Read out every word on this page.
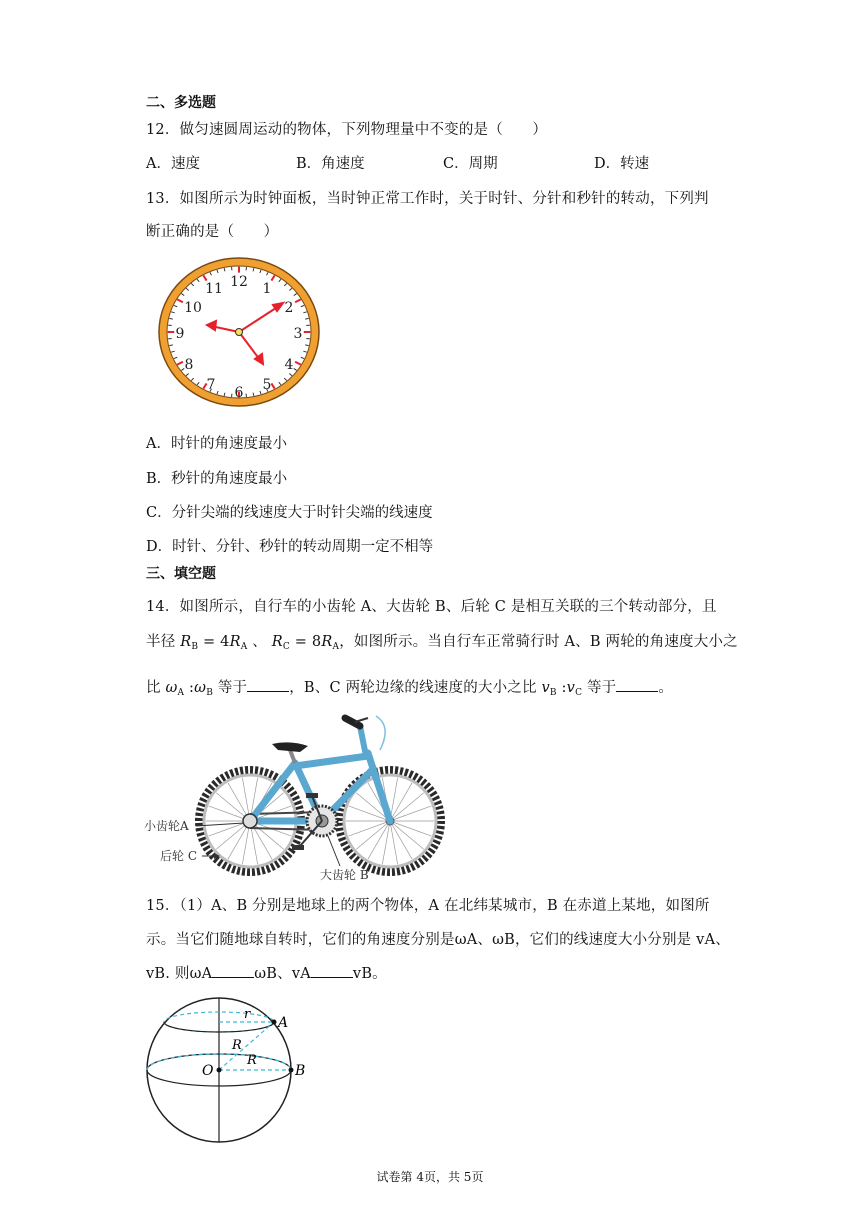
二、多选题
12．做匀速圆周运动的物体，下列物理量中不变的是（　　）
A．速度	B．角速度	C．周期	D．转速
13．如图所示为时钟面板，当时钟正常工作时，关于时针、分针和秒针的转动，下列判
断正确的是（　　）
12 1
2
3
4
5
6
7
8
9
10
11
A．时针的角速度最小
B．秒针的角速度最小
C．分针尖端的线速度大于时针尖端的线速度
D．时针、分针、秒针的转动周期一定不相等
三、填空题
14．如图所示，自行车的小齿轮 A、大齿轮 B、后轮 C 是相互关联的三个转动部分，且
半径 $R_B = 4R_A$ 、 $R_C = 8R_A$，如图所示。当自行车正常骑行时 A、B 两轮的角速度大小之
比 $\omega_A$ $:\omega_B$ 等于	，B、C 两轮边缘的线速度的大小之比 $v_B$ $:v_C$ 等于	。
小齿轮A
后轮 C
大齿轮 B
15．（1）A、B 分别是地球上的两个物体，A 在北纬某城市，B 在赤道上某地，如图所
示。当它们随地球自转时，它们的角速度分别是ωA、ωB，它们的线速度大小分别是 vA、
vB. 则ωA	ωB、vA	vB。
A
B
O
r
R
R
试卷第 4页，共 5页
